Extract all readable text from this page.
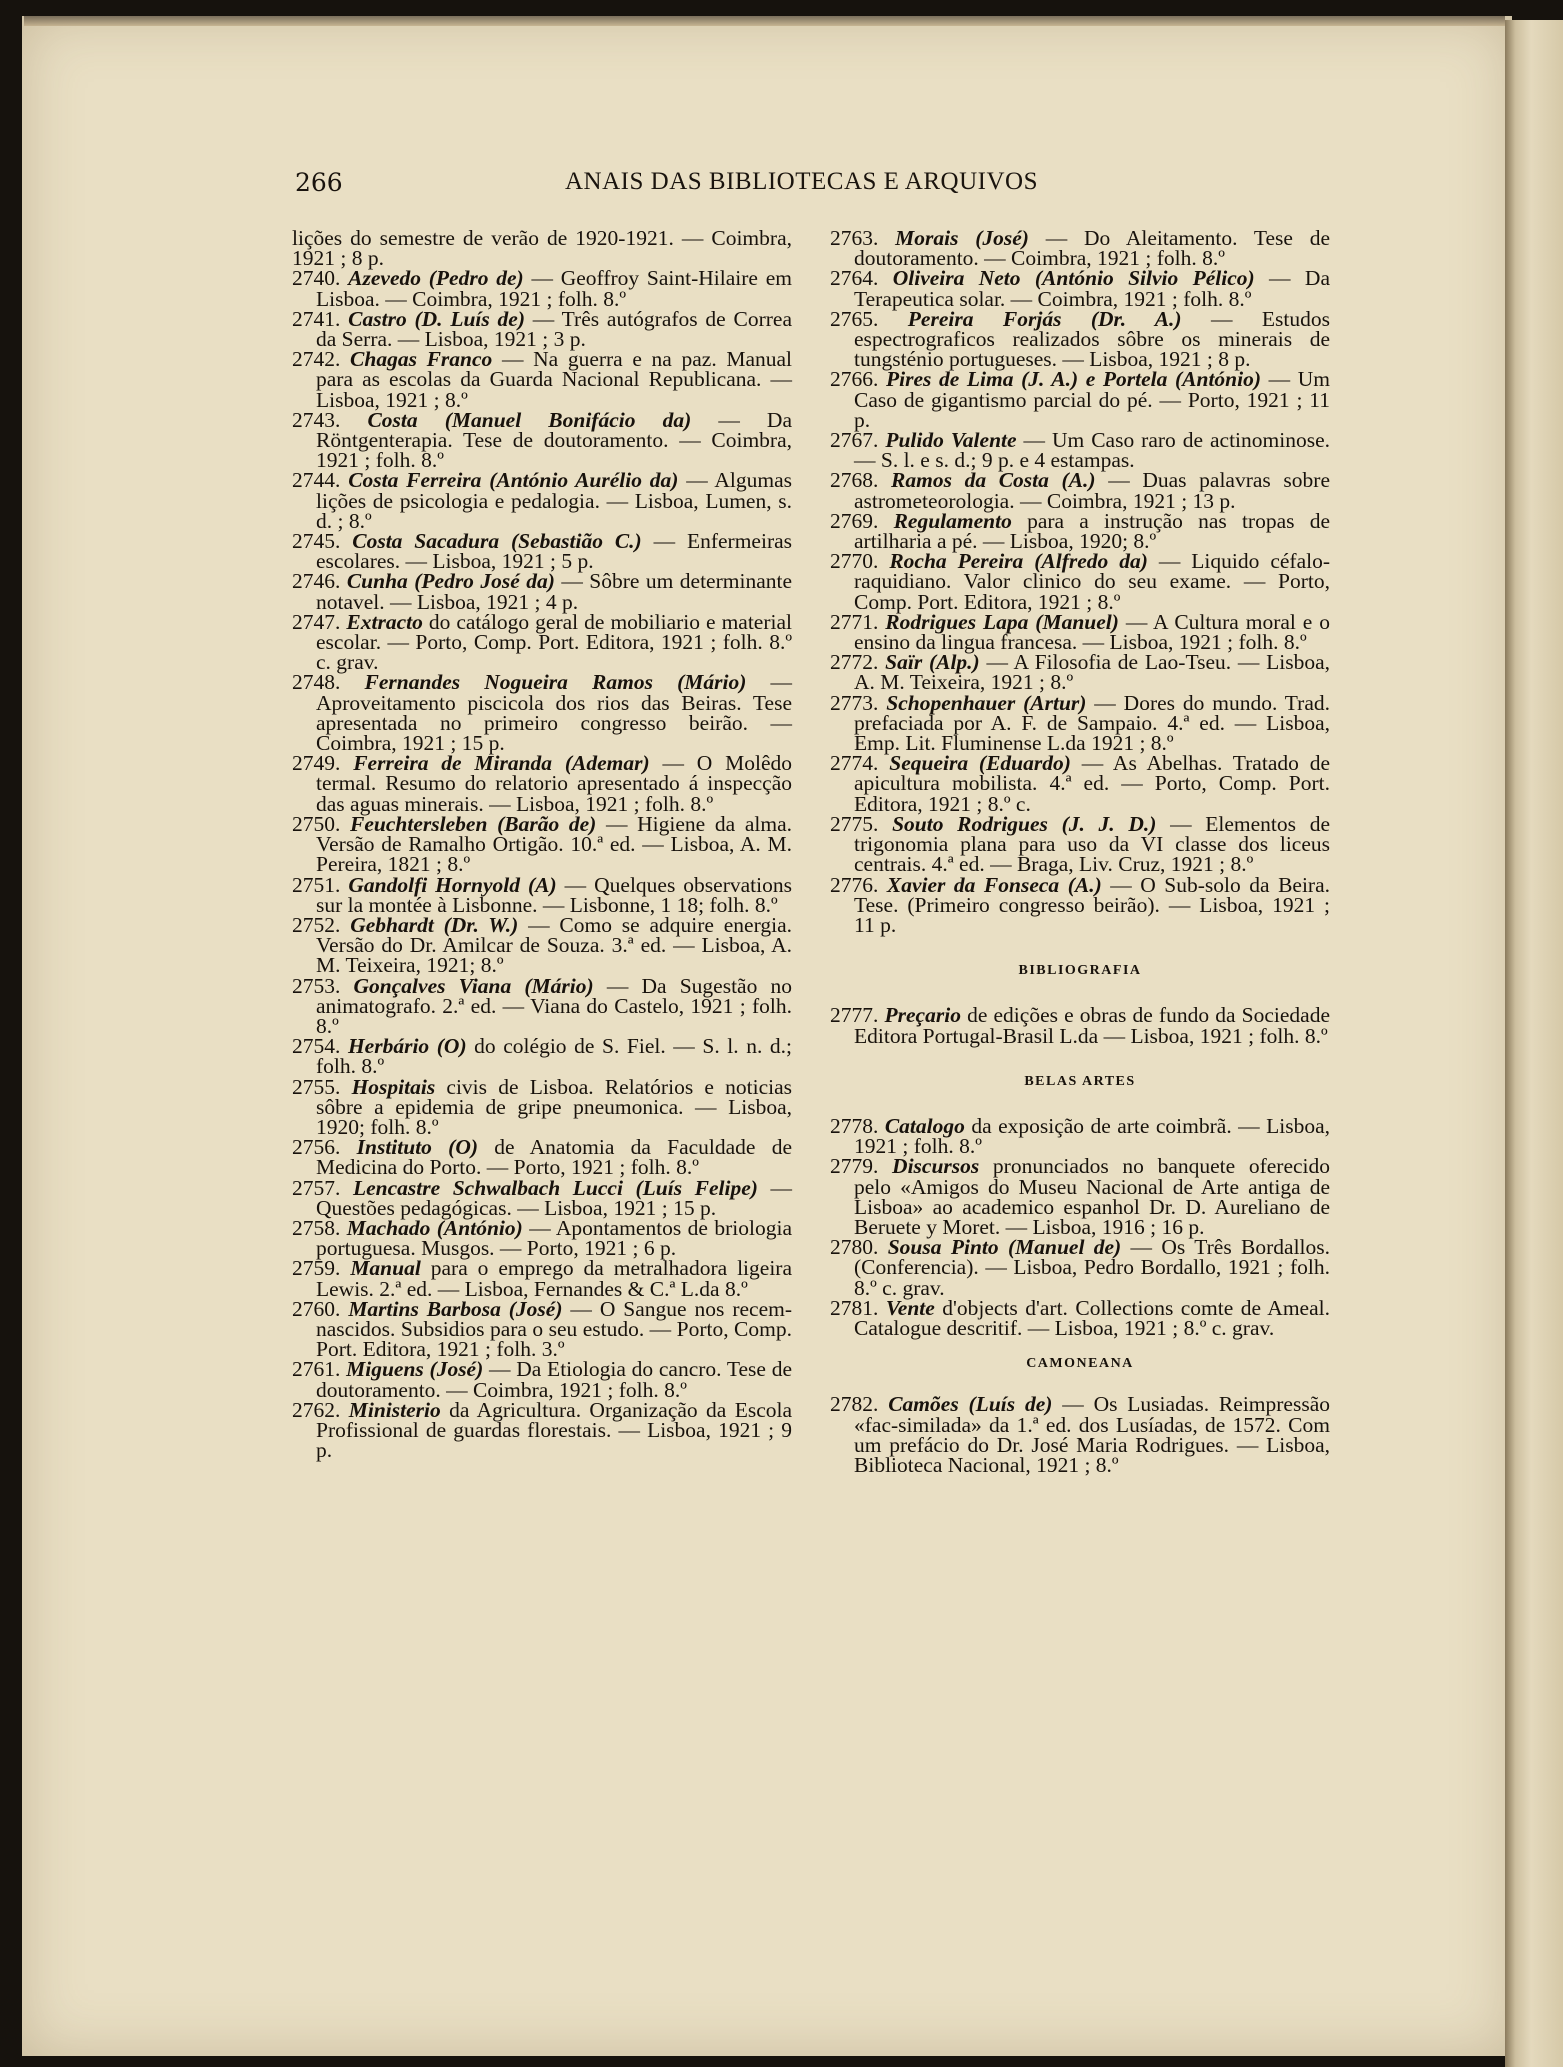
266	ANAIS DAS BIBLIOTECAS E ARQUIVOS

lições do semestre de verão de 1920-1921. — Coimbra, 1921 ; 8 p.

2740. Azevedo (Pedro de) — Geoffroy Saint-Hilaire em Lisboa. — Coimbra, 1921 ; folh. 8.º

2741. Castro (D. Luís de) — Três autógrafos de Correa da Serra. — Lisboa, 1921 ; 3 p.

2742. Chagas Franco — Na guerra e na paz. Manual para as escolas da Guarda Nacional Republicana. — Lisboa, 1921 ; 8.º

2743. Costa (Manuel Bonifácio da) — Da Röntgenterapia. Tese de doutoramento. — Coimbra, 1921 ; folh. 8.º

2744. Costa Ferreira (António Aurélio da) — Algumas lições de psicologia e pedalogia. — Lisboa, Lumen, s. d. ; 8.º

2745. Costa Sacadura (Sebastião C.) — Enfermeiras escolares. — Lisboa, 1921 ; 5 p.

2746. Cunha (Pedro José da) — Sôbre um determinante notavel. — Lisboa, 1921 ; 4 p.

2747. Extracto do catálogo geral de mobiliario e material escolar. — Porto, Comp. Port. Editora, 1921 ; folh. 8.º c. grav.

2748. Fernandes Nogueira Ramos (Mário) — Aproveitamento piscicola dos rios das Beiras. Tese apresentada no primeiro congresso beirão. — Coimbra, 1921 ; 15 p.

2749. Ferreira de Miranda (Ademar) — O Molêdo termal. Resumo do relatorio apresentado á inspecção das aguas minerais. — Lisboa, 1921 ; folh. 8.º

2750. Feuchtersleben (Barão de) — Higiene da alma. Versão de Ramalho Ortigão. 10.ª ed. — Lisboa, A. M. Pereira, 1821 ; 8.º

2751. Gandolfi Hornyold (A) — Quelques observations sur la montée à Lisbonne. — Lisbonne, 1 18; folh. 8.º

2752. Gebhardt (Dr. W.) — Como se adquire energia. Versão do Dr. Amilcar de Souza. 3.ª ed. — Lisboa, A. M. Teixeira, 1921; 8.º

2753. Gonçalves Viana (Mário) — Da Sugestão no animatografo. 2.ª ed. — Viana do Castelo, 1921 ; folh. 8.º

2754. Herbário (O) do colégio de S. Fiel. — S. l. n. d.; folh. 8.º

2755. Hospitais civis de Lisboa. Relatórios e noticias sôbre a epidemia de gripe pneumonica. — Lisboa, 1920; folh. 8.º

2756. Instituto (O) de Anatomia da Faculdade de Medicina do Porto. — Porto, 1921 ; folh. 8.º

2757. Lencastre Schwalbach Lucci (Luís Felipe) — Questões pedagógicas. — Lisboa, 1921 ; 15 p.

2758. Machado (António) — Apontamentos de briologia portuguesa. Musgos. — Porto, 1921 ; 6 p.

2759. Manual para o emprego da metralhadora ligeira Lewis. 2.ª ed. — Lisboa, Fernandes & C.ª L.da 8.º

2760. Martins Barbosa (José) — O Sangue nos recem-nascidos. Subsidios para o seu estudo. — Porto, Comp. Port. Editora, 1921 ; folh. 3.º

2761. Miguens (José) — Da Etiologia do cancro. Tese de doutoramento. — Coimbra, 1921 ; folh. 8.º

2762. Ministerio da Agricultura. Organização da Escola Profissional de guardas florestais. — Lisboa, 1921 ; 9 p.

2763. Morais (José) — Do Aleitamento. Tese de doutoramento. — Coimbra, 1921 ; folh. 8.º

2764. Oliveira Neto (António Silvio Pélico) — Da Terapeutica solar. — Coimbra, 1921 ; folh. 8.º

2765. Pereira Forjás (Dr. A.) — Estudos espectrograficos realizados sôbre os minerais de tungsténio portugueses. — Lisboa, 1921 ; 8 p.

2766. Pires de Lima (J. A.) e Portela (António) — Um Caso de gigantismo parcial do pé. — Porto, 1921 ; 11 p.

2767. Pulido Valente — Um Caso raro de actinominose. — S. l. e s. d.; 9 p. e 4 estampas.

2768. Ramos da Costa (A.) — Duas palavras sobre astrometeorologia. — Coimbra, 1921 ; 13 p.

2769. Regulamento para a instrução nas tropas de artilharia a pé. — Lisboa, 1920; 8.º

2770. Rocha Pereira (Alfredo da) — Liquido céfalo-raquidiano. Valor clinico do seu exame. — Porto, Comp. Port. Editora, 1921 ; 8.º

2771. Rodrigues Lapa (Manuel) — A Cultura moral e o ensino da lingua francesa. — Lisboa, 1921 ; folh. 8.º

2772. Saïr (Alp.) — A Filosofia de Lao-Tseu. — Lisboa, A. M. Teixeira, 1921 ; 8.º

2773. Schopenhauer (Artur) — Dores do mundo. Trad. prefaciada por A. F. de Sampaio. 4.ª ed. — Lisboa, Emp. Lit. Fluminense L.da 1921 ; 8.º

2774. Sequeira (Eduardo) — As Abelhas. Tratado de apicultura mobilista. 4.ª ed. — Porto, Comp. Port. Editora, 1921 ; 8.º c.

2775. Souto Rodrigues (J. J. D.) — Elementos de trigonomia plana para uso da VI classe dos liceus centrais. 4.ª ed. — Braga, Liv. Cruz, 1921 ; 8.º

2776. Xavier da Fonseca (A.) — O Sub-solo da Beira. Tese. (Primeiro congresso beirão). — Lisboa, 1921 ; 11 p.

BIBLIOGRAFIA

2777. Preçario de edições e obras de fundo da Sociedade Editora Portugal-Brasil L.da — Lisboa, 1921 ; folh. 8.º

BELAS ARTES

2778. Catalogo da exposição de arte coimbrã. — Lisboa, 1921 ; folh. 8.º

2779. Discursos pronunciados no banquete oferecido pelo «Amigos do Museu Nacional de Arte antiga de Lisboa» ao academico espanhol Dr. D. Aureliano de Beruete y Moret. — Lisboa, 1916 ; 16 p.

2780. Sousa Pinto (Manuel de) — Os Três Bordallos. (Conferencia). — Lisboa, Pedro Bordallo, 1921 ; folh. 8.º c. grav.

2781. Vente d'objects d'art. Collections comte de Ameal. Catalogue descritif. — Lisboa, 1921 ; 8.º c. grav.

CAMONEANA

2782. Camões (Luís de) — Os Lusiadas. Reimpressão «fac-similada» da 1.ª ed. dos Lusíadas, de 1572. Com um prefácio do Dr. José Maria Rodrigues. — Lisboa, Biblioteca Nacional, 1921 ; 8.º
